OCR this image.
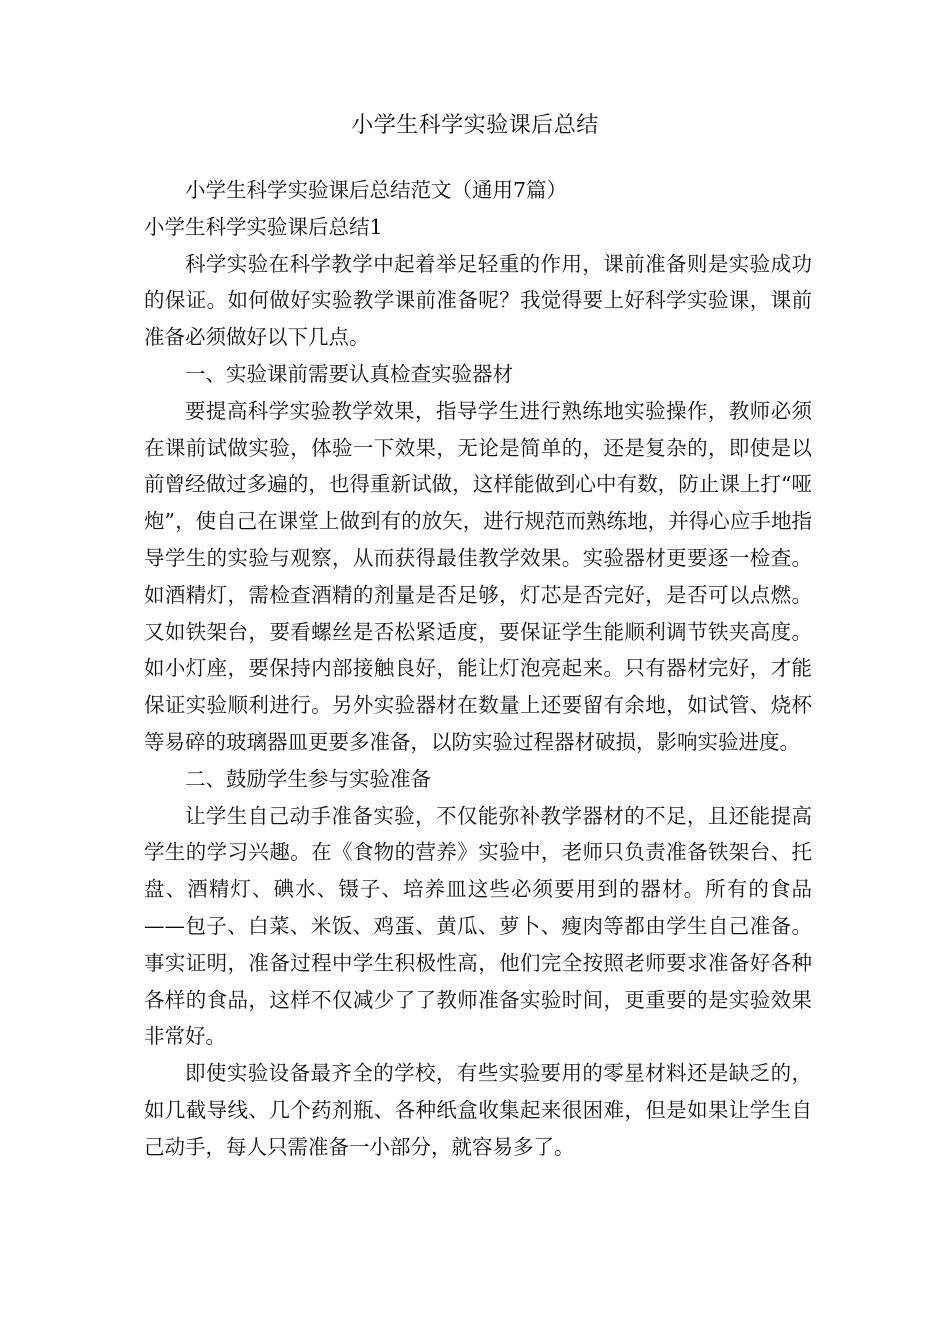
小学生科学实验课后总结

小学生科学实验课后总结范文（通用7篇）

小学生科学实验课后总结1

科学实验在科学教学中起着举足轻重的作用，课前准备则是实验成功的保证。如何做好实验教学课前准备呢？我觉得要上好科学实验课，课前准备必须做好以下几点。

一、实验课前需要认真检查实验器材

要提高科学实验教学效果，指导学生进行熟练地实验操作，教师必须在课前试做实验，体验一下效果，无论是简单的，还是复杂的，即使是以前曾经做过多遍的，也得重新试做，这样能做到心中有数，防止课上打“哑炮”，使自己在课堂上做到有的放矢，进行规范而熟练地，并得心应手地指导学生的实验与观察，从而获得最佳教学效果。实验器材更要逐一检查。如酒精灯，需检查酒精的剂量是否足够，灯芯是否完好，是否可以点燃。又如铁架台，要看螺丝是否松紧适度，要保证学生能顺利调节铁夹高度。如小灯座，要保持内部接触良好，能让灯泡亮起来。只有器材完好，才能保证实验顺利进行。另外实验器材在数量上还要留有余地，如试管、烧杯等易碎的玻璃器皿更要多准备，以防实验过程器材破损，影响实验进度。

二、鼓励学生参与实验准备

让学生自己动手准备实验，不仅能弥补教学器材的不足，且还能提高学生的学习兴趣。在《食物的营养》实验中，老师只负责准备铁架台、托盘、酒精灯、碘水、镊子、培养皿这些必须要用到的器材。所有的食品——包子、白菜、米饭、鸡蛋、黄瓜、萝卜、瘦肉等都由学生自己准备。事实证明，准备过程中学生积极性高，他们完全按照老师要求准备好各种各样的食品，这样不仅减少了了教师准备实验时间，更重要的是实验效果非常好。

即使实验设备最齐全的学校，有些实验要用的零星材料还是缺乏的，如几截导线、几个药剂瓶、各种纸盒收集起来很困难，但是如果让学生自己动手，每人只需准备一小部分，就容易多了。
